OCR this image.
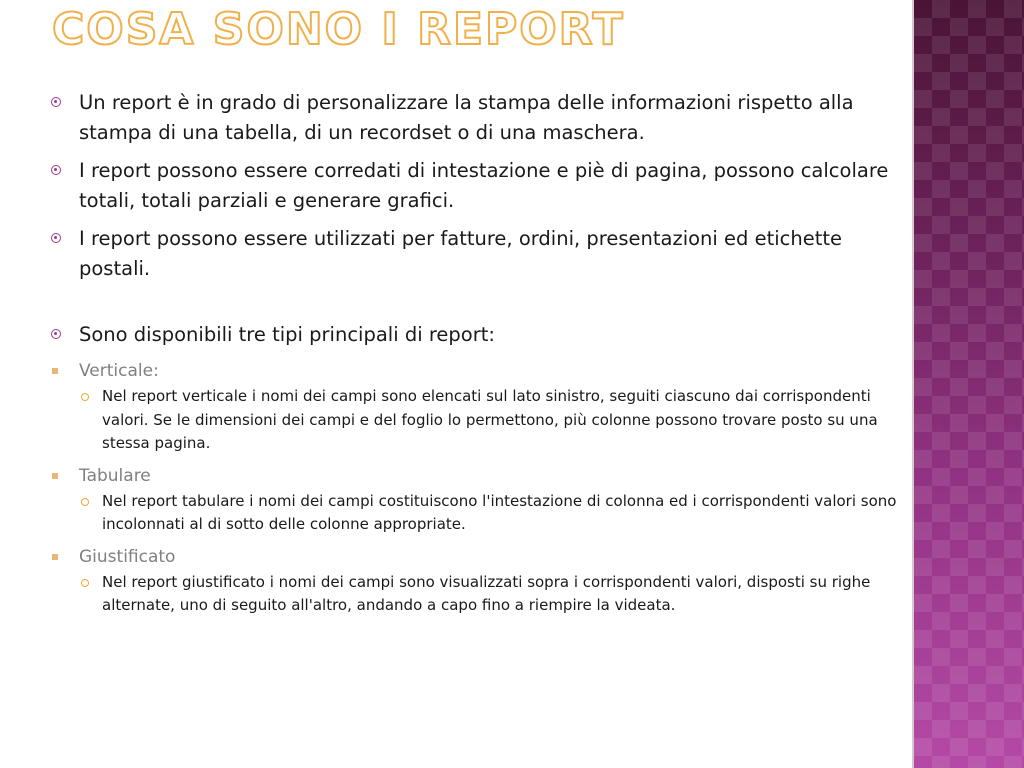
COSA SONO I REPORT
Un report è in grado di personalizzare la stampa delle informazioni rispetto alla stampa di una tabella, di un recordset o di una maschera.
I report possono essere corredati di intestazione e piè di pagina, possono calcolare totali, totali parziali e generare grafici.
I report possono essere utilizzati per fatture, ordini, presentazioni ed etichette postali.
Sono disponibili tre tipi principali di report:
Verticale:
Nel report verticale i nomi dei campi sono elencati sul lato sinistro, seguiti ciascuno dai corrispondenti valori. Se le dimensioni dei campi e del foglio lo permettono, più colonne possono trovare posto su una stessa pagina.
Tabulare
Nel report tabulare i nomi dei campi costituiscono l'intestazione di colonna ed i corrispondenti valori sono incolonnati al di sotto delle colonne appropriate.
Giustificato
Nel report giustificato i nomi dei campi sono visualizzati sopra i corrispondenti valori, disposti su righe alternate, uno di seguito all'altro, andando a capo fino a riempire la videata.
